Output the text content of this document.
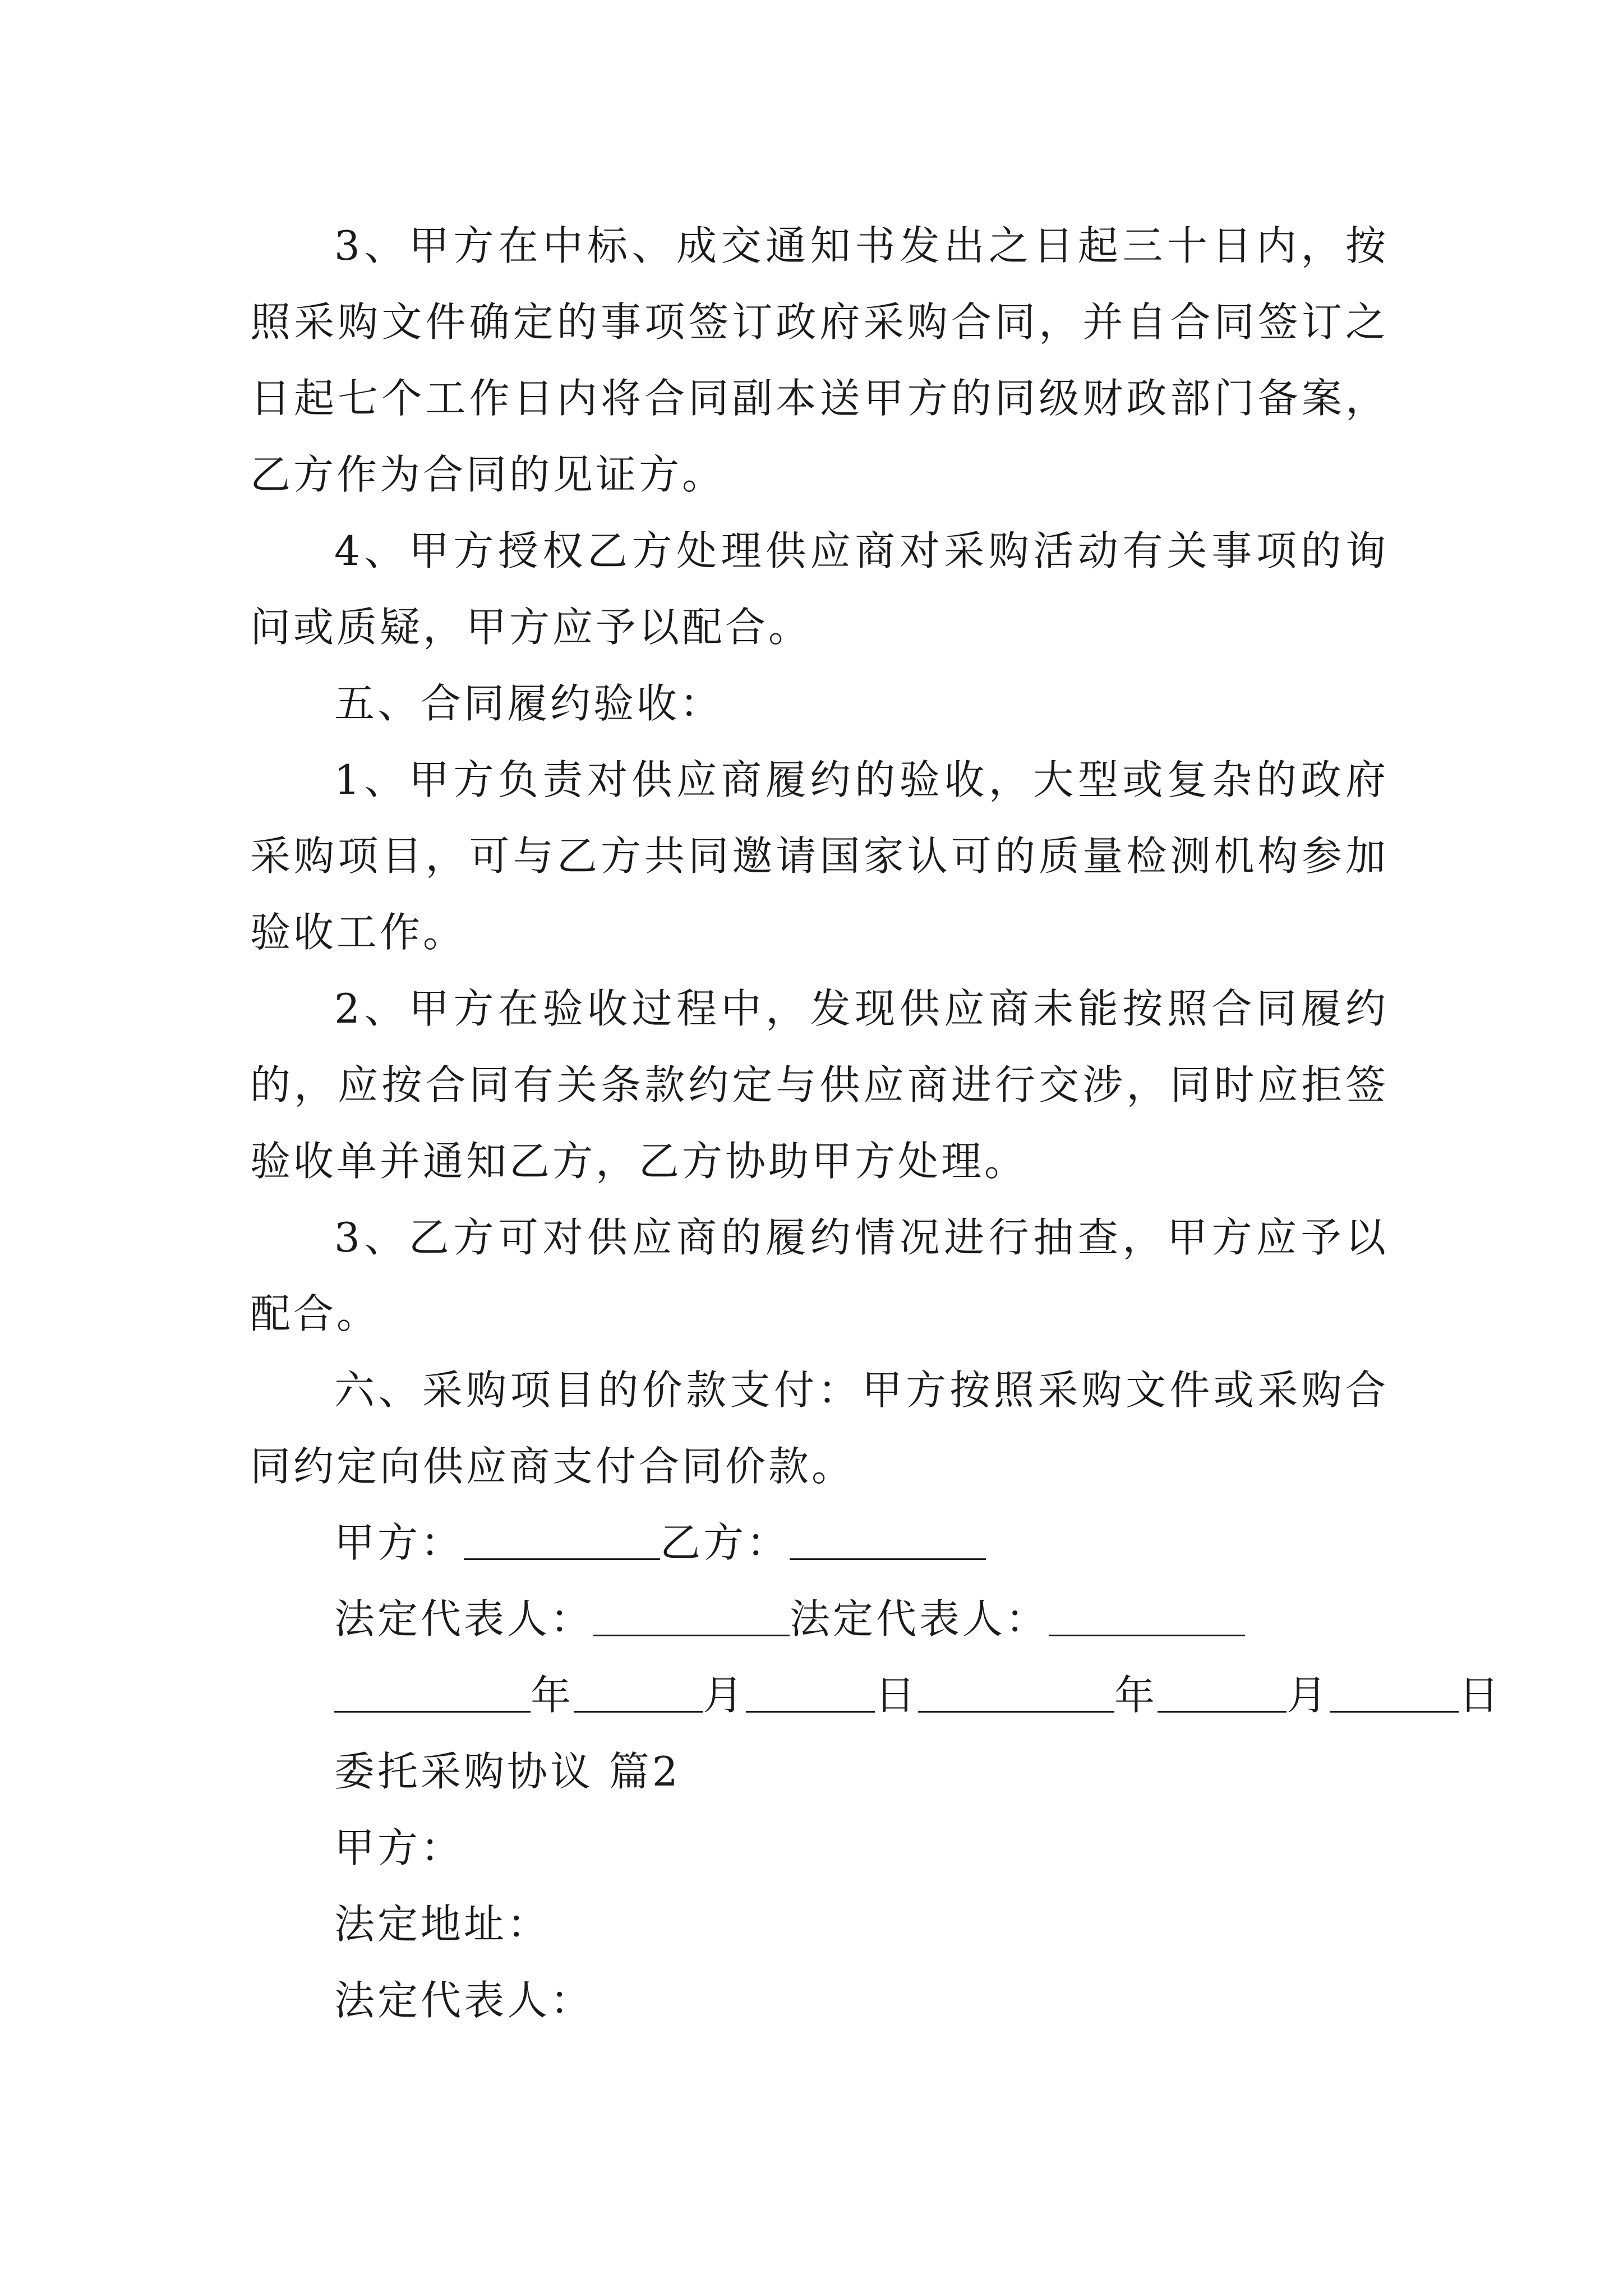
3、甲方在中标、成交通知书发出之日起三十日内，按照采购文件确定的事项签订政府采购合同，并自合同签订之日起七个工作日内将合同副本送甲方的同级财政部门备案，乙方作为合同的见证方。

4、甲方授权乙方处理供应商对采购活动有关事项的询问或质疑，甲方应予以配合。

五、合同履约验收：

1、甲方负责对供应商履约的验收，大型或复杂的政府采购项目，可与乙方共同邀请国家认可的质量检测机构参加验收工作。

2、甲方在验收过程中，发现供应商未能按照合同履约的，应按合同有关条款约定与供应商进行交涉，同时应拒签验收单并通知乙方，乙方协助甲方处理。

3、乙方可对供应商的履约情况进行抽查，甲方应予以配合。

六、采购项目的价款支付：甲方按照采购文件或采购合同约定向供应商支付合同价款。

甲方：	乙方：
法定代表人：	法定代表人：
年	月	日	年	月	日
委托采购协议 篇2
甲方：
法定地址：
法定代表人：
